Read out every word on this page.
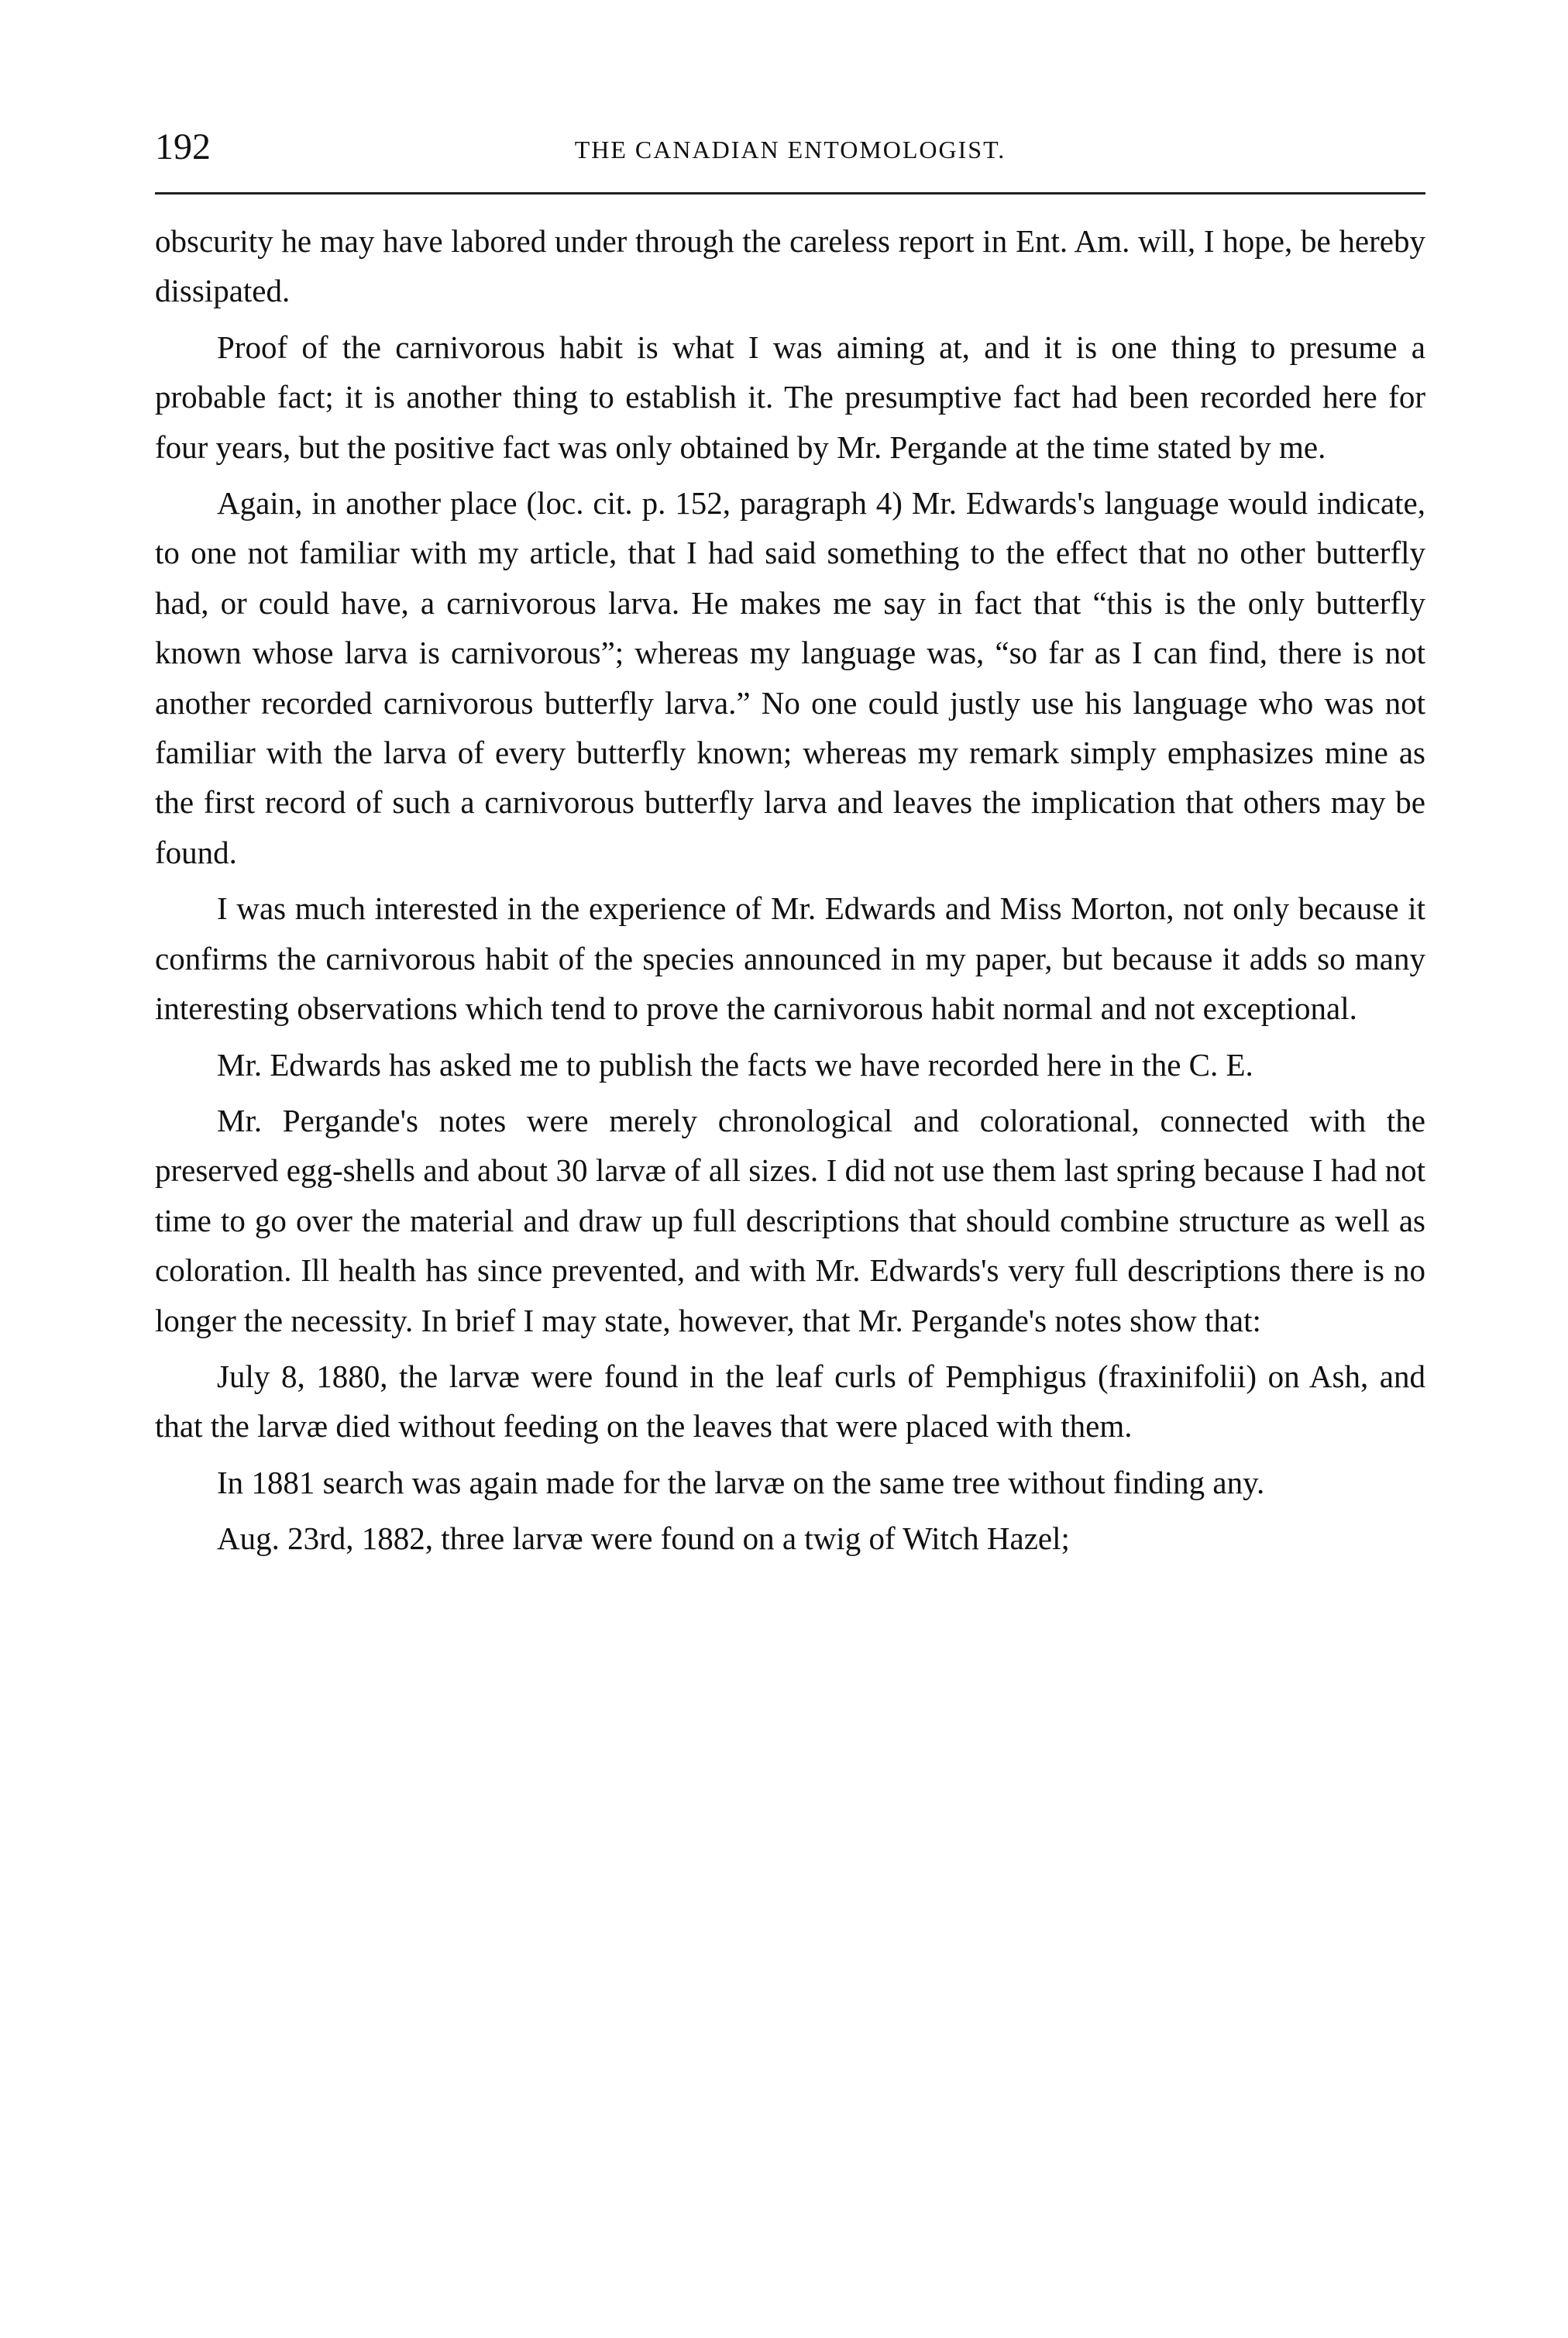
192	THE CANADIAN ENTOMOLOGIST.

obscurity he may have labored under through the careless report in Ent. Am. will, I hope, be hereby dissipated.

Proof of the carnivorous habit is what I was aiming at, and it is one thing to presume a probable fact; it is another thing to establish it. The presumptive fact had been recorded here for four years, but the positive fact was only obtained by Mr. Pergande at the time stated by me.

Again, in another place (loc. cit. p. 152, paragraph 4) Mr. Edwards's language would indicate, to one not familiar with my article, that I had said something to the effect that no other butterfly had, or could have, a carnivorous larva. He makes me say in fact that “this is the only butterfly known whose larva is carnivorous”; whereas my language was, “so far as I can find, there is not another recorded carnivorous butterfly larva.” No one could justly use his language who was not familiar with the larva of every butterfly known; whereas my remark simply emphasizes mine as the first record of such a carnivorous butterfly larva and leaves the implication that others may be found.

I was much interested in the experience of Mr. Edwards and Miss Morton, not only because it confirms the carnivorous habit of the species announced in my paper, but because it adds so many interesting observations which tend to prove the carnivorous habit normal and not exceptional.

Mr. Edwards has asked me to publish the facts we have recorded here in the C. E.

Mr. Pergande's notes were merely chronological and colorational, connected with the preserved egg-shells and about 30 larvæ of all sizes. I did not use them last spring because I had not time to go over the material and draw up full descriptions that should combine structure as well as coloration. Ill health has since prevented, and with Mr. Edwards's very full descriptions there is no longer the necessity. In brief I may state, however, that Mr. Pergande's notes show that:

July 8, 1880, the larvæ were found in the leaf curls of Pemphigus (fraxinifolii) on Ash, and that the larvæ died without feeding on the leaves that were placed with them.

In 1881 search was again made for the larvæ on the same tree without finding any.

Aug. 23rd, 1882, three larvæ were found on a twig of Witch Hazel;
